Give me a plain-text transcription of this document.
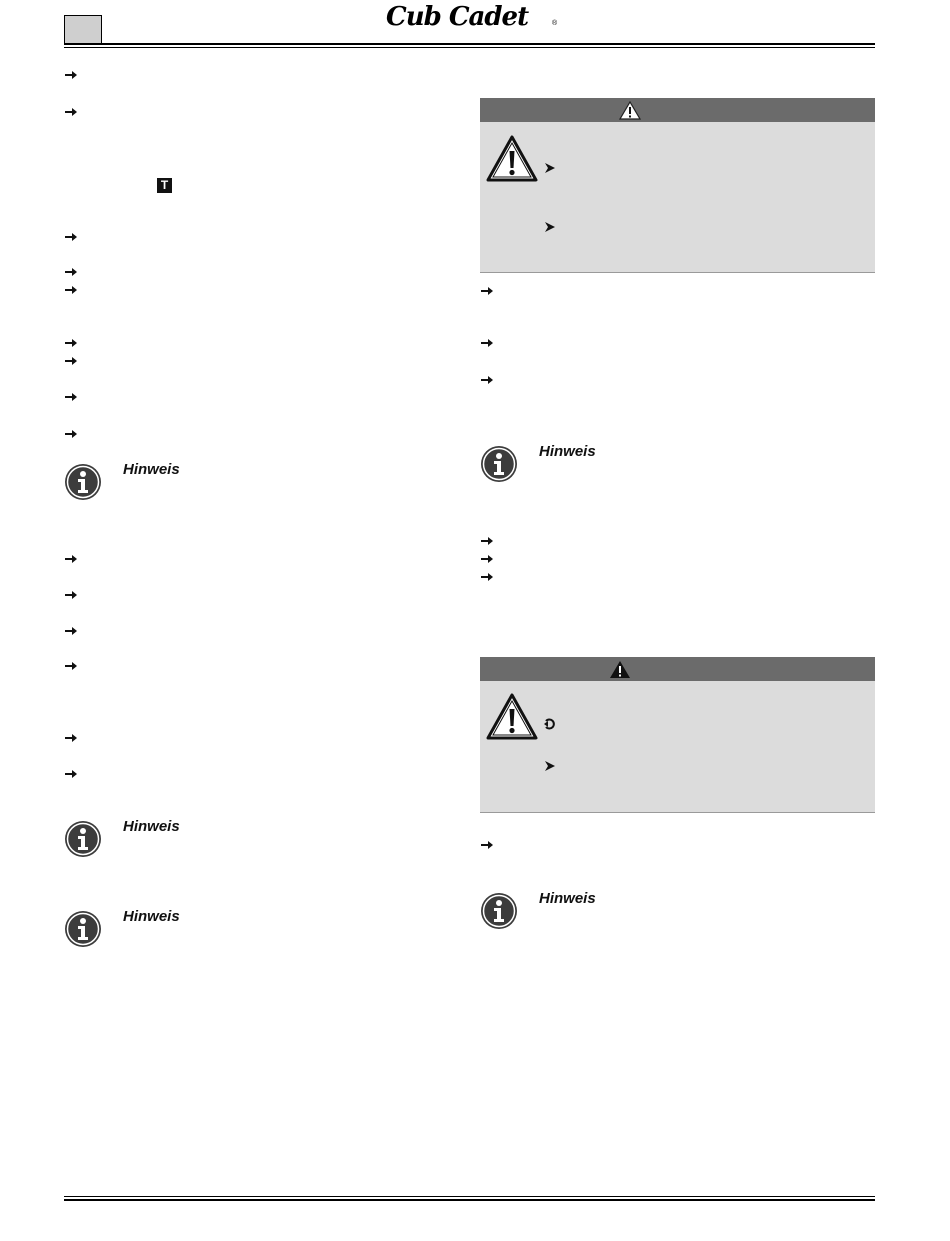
Cub Cadet	®
T
Hinweis
Hinweis
Hinweis
Hinweis
Hinweis
